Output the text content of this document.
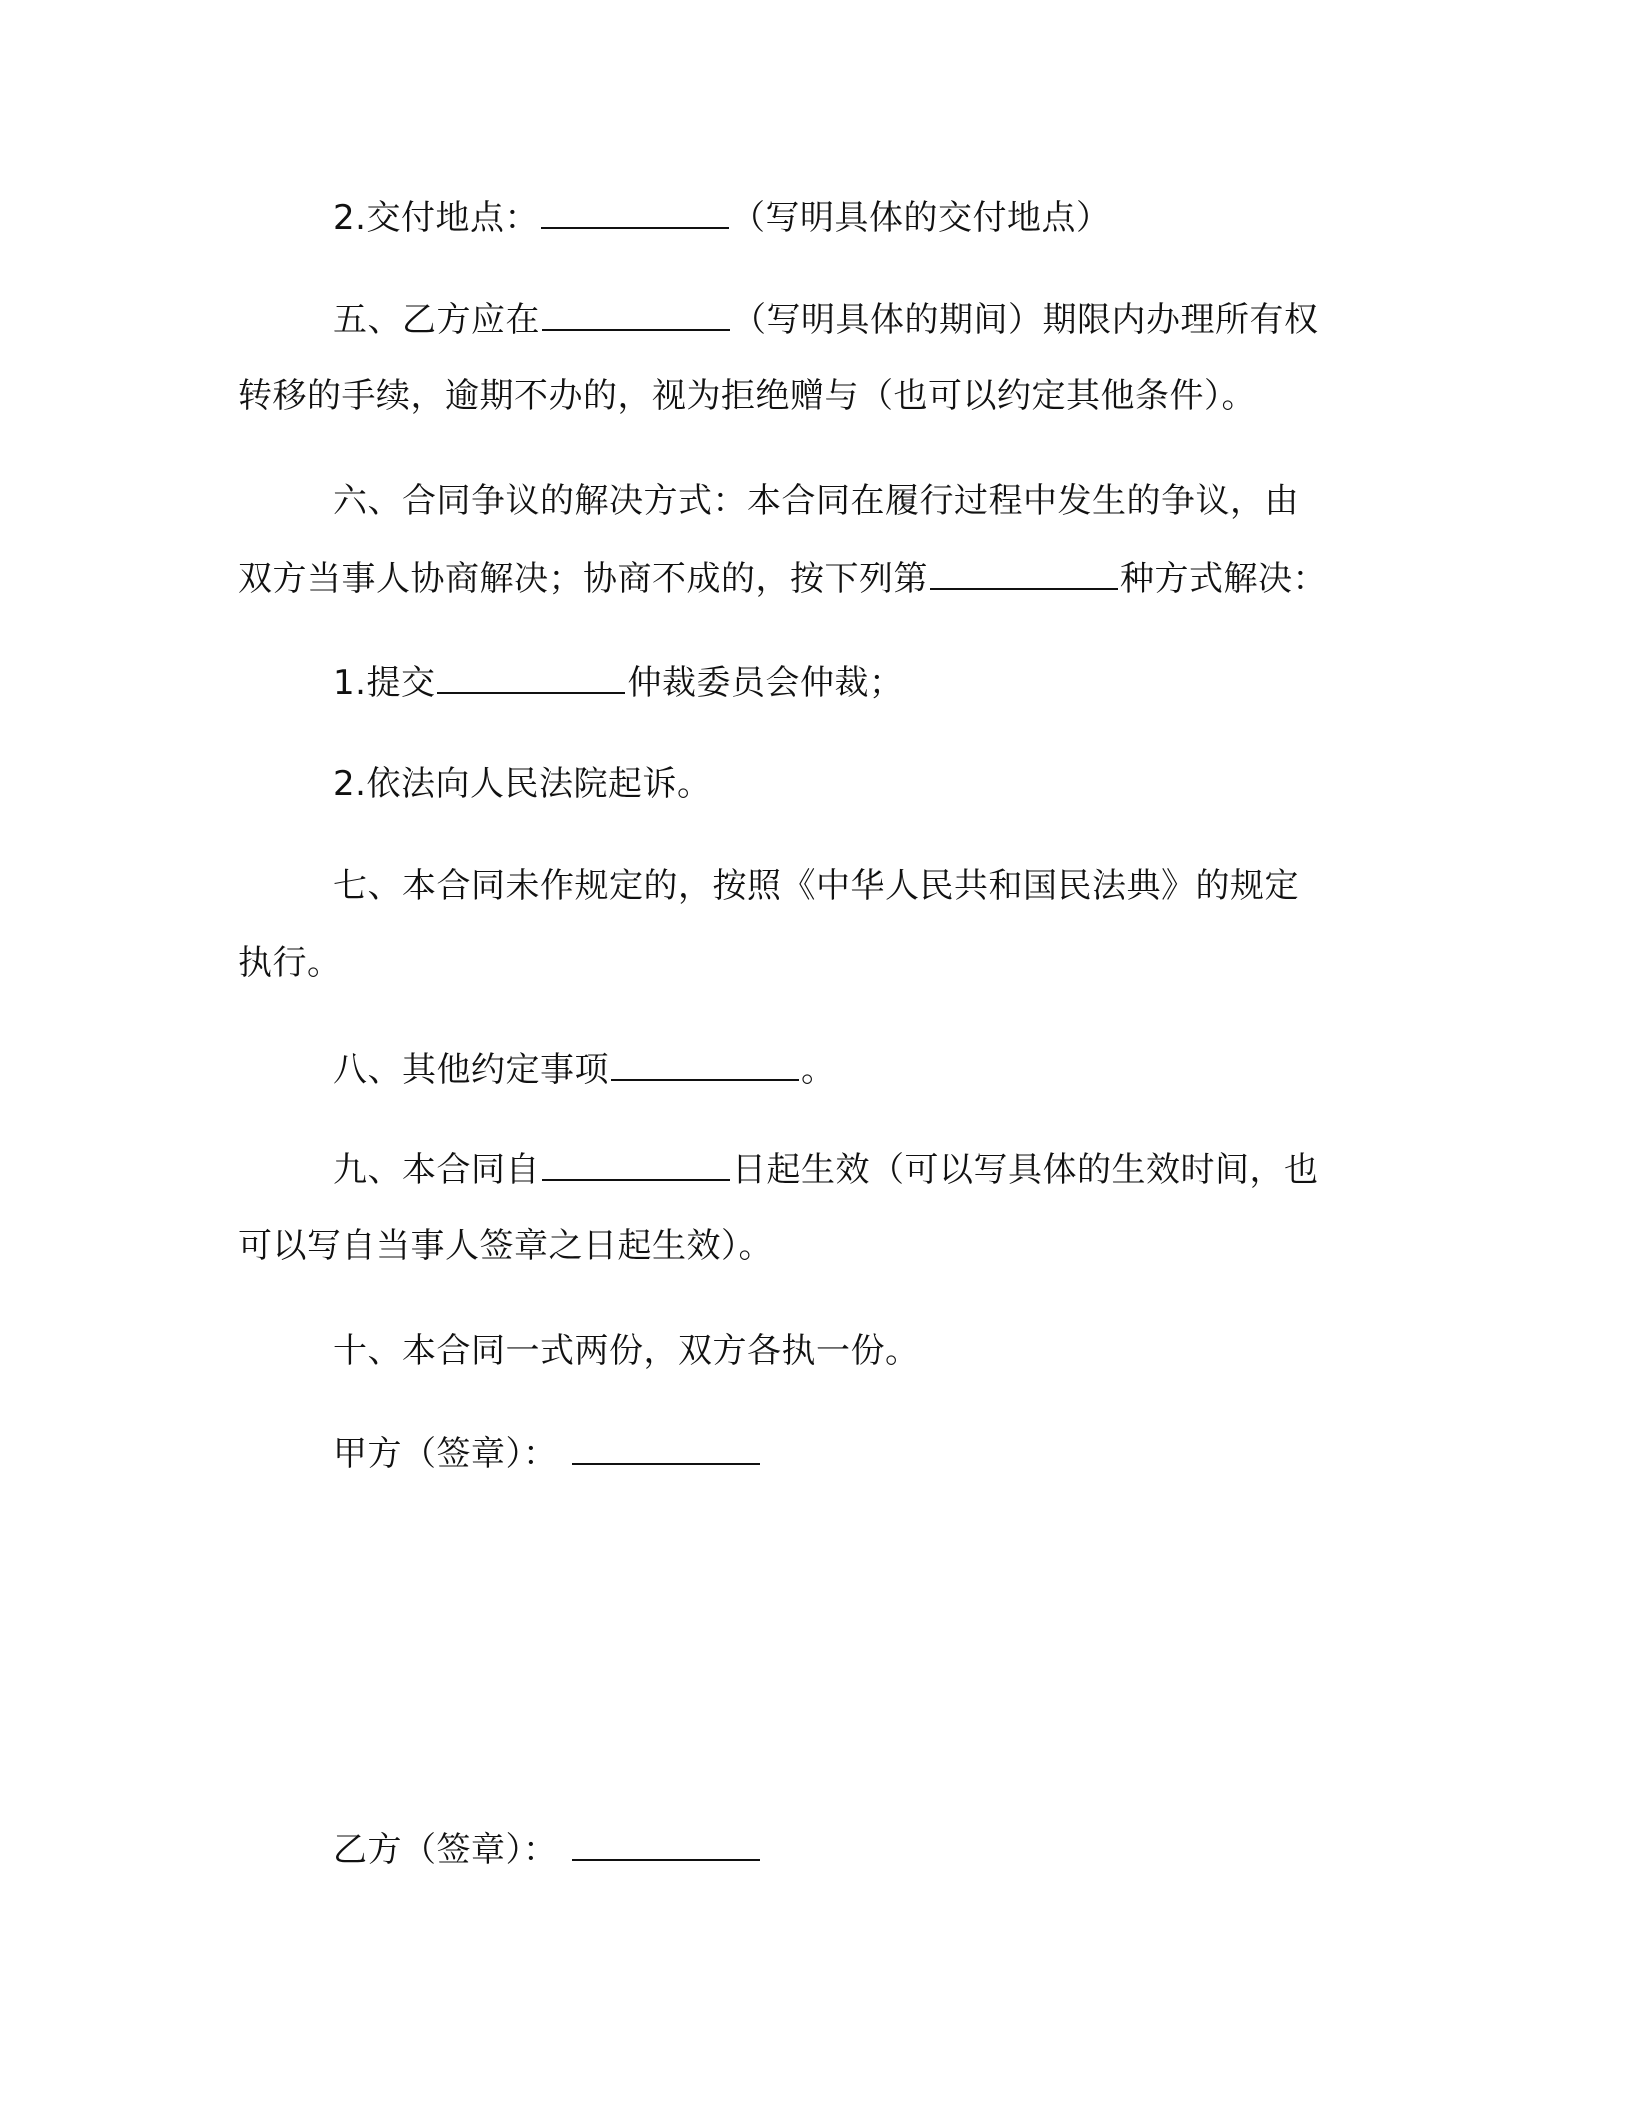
2.交付地点：	（写明具体的交付地点）
五、乙方应在	（写明具体的期间）期限内办理所有权
转移的手续，逾期不办的，视为拒绝赠与（也可以约定其他条件）。
六、合同争议的解决方式：本合同在履行过程中发生的争议，由
双方当事人协商解决；协商不成的，按下列第	种方式解决：
1.提交	仲裁委员会仲裁；
2.依法向人民法院起诉。
七、本合同未作规定的，按照《中华人民共和国民法典》的规定
执行。
八、其他约定事项	。
九、本合同自	日起生效（可以写具体的生效时间，也
可以写自当事人签章之日起生效）。
十、本合同一式两份，双方各执一份。
甲方（签章）：
乙方（签章）：
